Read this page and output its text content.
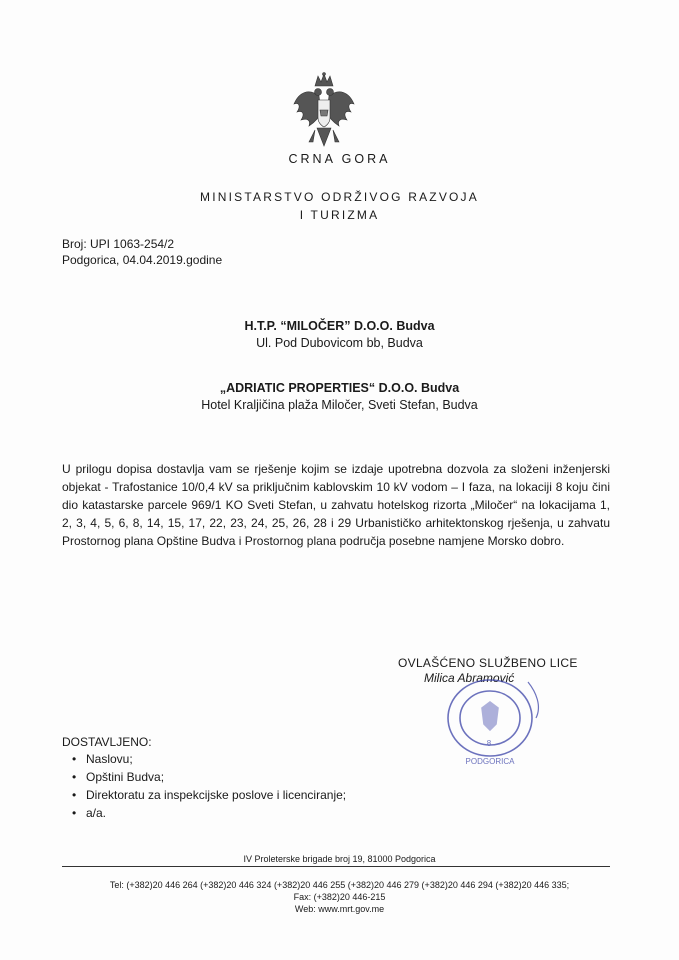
CRNA GORA
MINISTARSTVO ODRŽIVOG RAZVOJA
I TURIZMA
Broj: UPI 1063-254/2
Podgorica, 04.04.2019.godine
H.T.P. “MILOČER” D.O.O. Budva
Ul. Pod Dubovicom bb, Budva
„ADRIATIC PROPERTIES“ D.O.O. Budva
Hotel Kraljičina plaža Miločer, Sveti Stefan, Budva
U prilogu dopisa dostavlja vam se rješenje kojim se izdaje upotrebna dozvola za složeni inženjerski objekat - Trafostanice 10/0,4 kV sa priključnim kablovskim 10 kV vodom – I faza, na lokaciji 8 koju čini dio katastarske parcele 969/1 KO Sveti Stefan, u zahvatu hotelskog rizorta „Miločer“ na lokacijama 1, 2, 3, 4, 5, 6, 8, 14, 15, 17, 22, 23, 24, 25, 26, 28 i 29 Urbanističko arhitektonskog rješenja, u zahvatu Prostornog plana Opštine Budva i Prostornog plana područja posebne namjene Morsko dobro.
OVLAŠĆENO SLUŽBENO LICE
Milica Abramović
8
PODGORICA
DOSTAVLJENO:
• Naslovu;
• Opštini Budva;
• Direktoratu za inspekcijske poslove i licenciranje;
• a/a.
IV Proleterske brigade broj 19, 81000 Podgorica
Tel: (+382)20 446 264 (+382)20 446 324 (+382)20 446 255 (+382)20 446 279 (+382)20 446 294 (+382)20 446 335;
Fax: (+382)20 446-215
Web: www.mrt.gov.me
